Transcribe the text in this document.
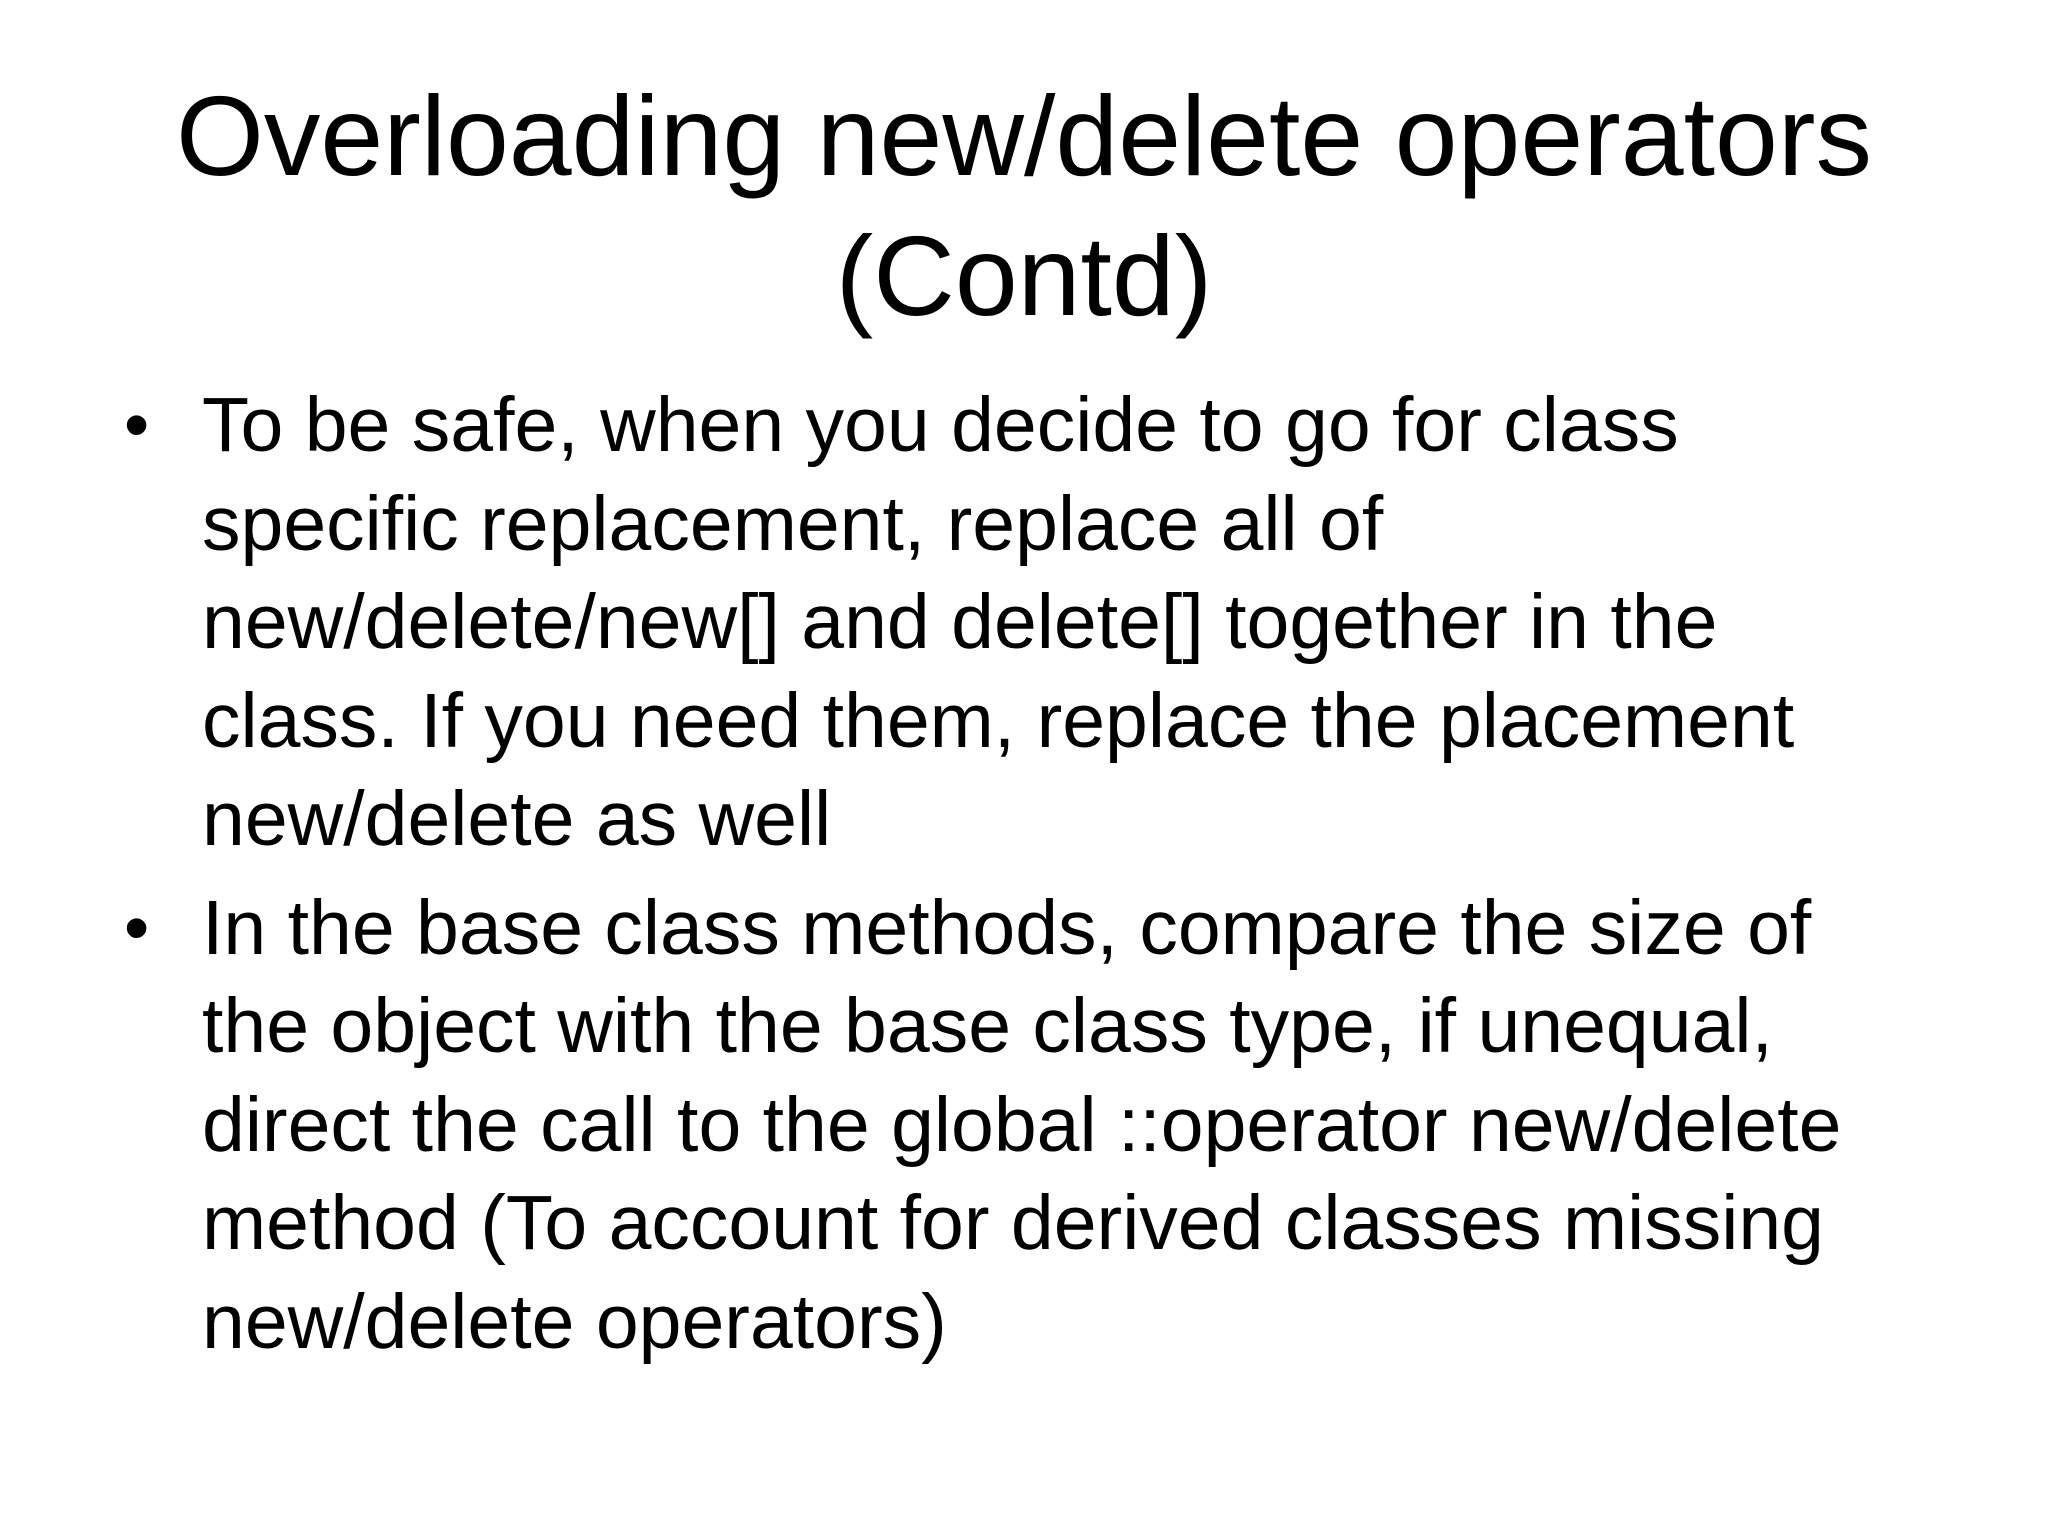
Overloading new/delete operators
(Contd)
• To be safe, when you decide to go for class
specific replacement, replace all of
new/delete/new[] and delete[] together in the
class. If you need them, replace the placement
new/delete as well
• In the base class methods, compare the size of
the object with the base class type, if unequal,
direct the call to the global ::operator new/delete
method (To account for derived classes missing
new/delete operators)
